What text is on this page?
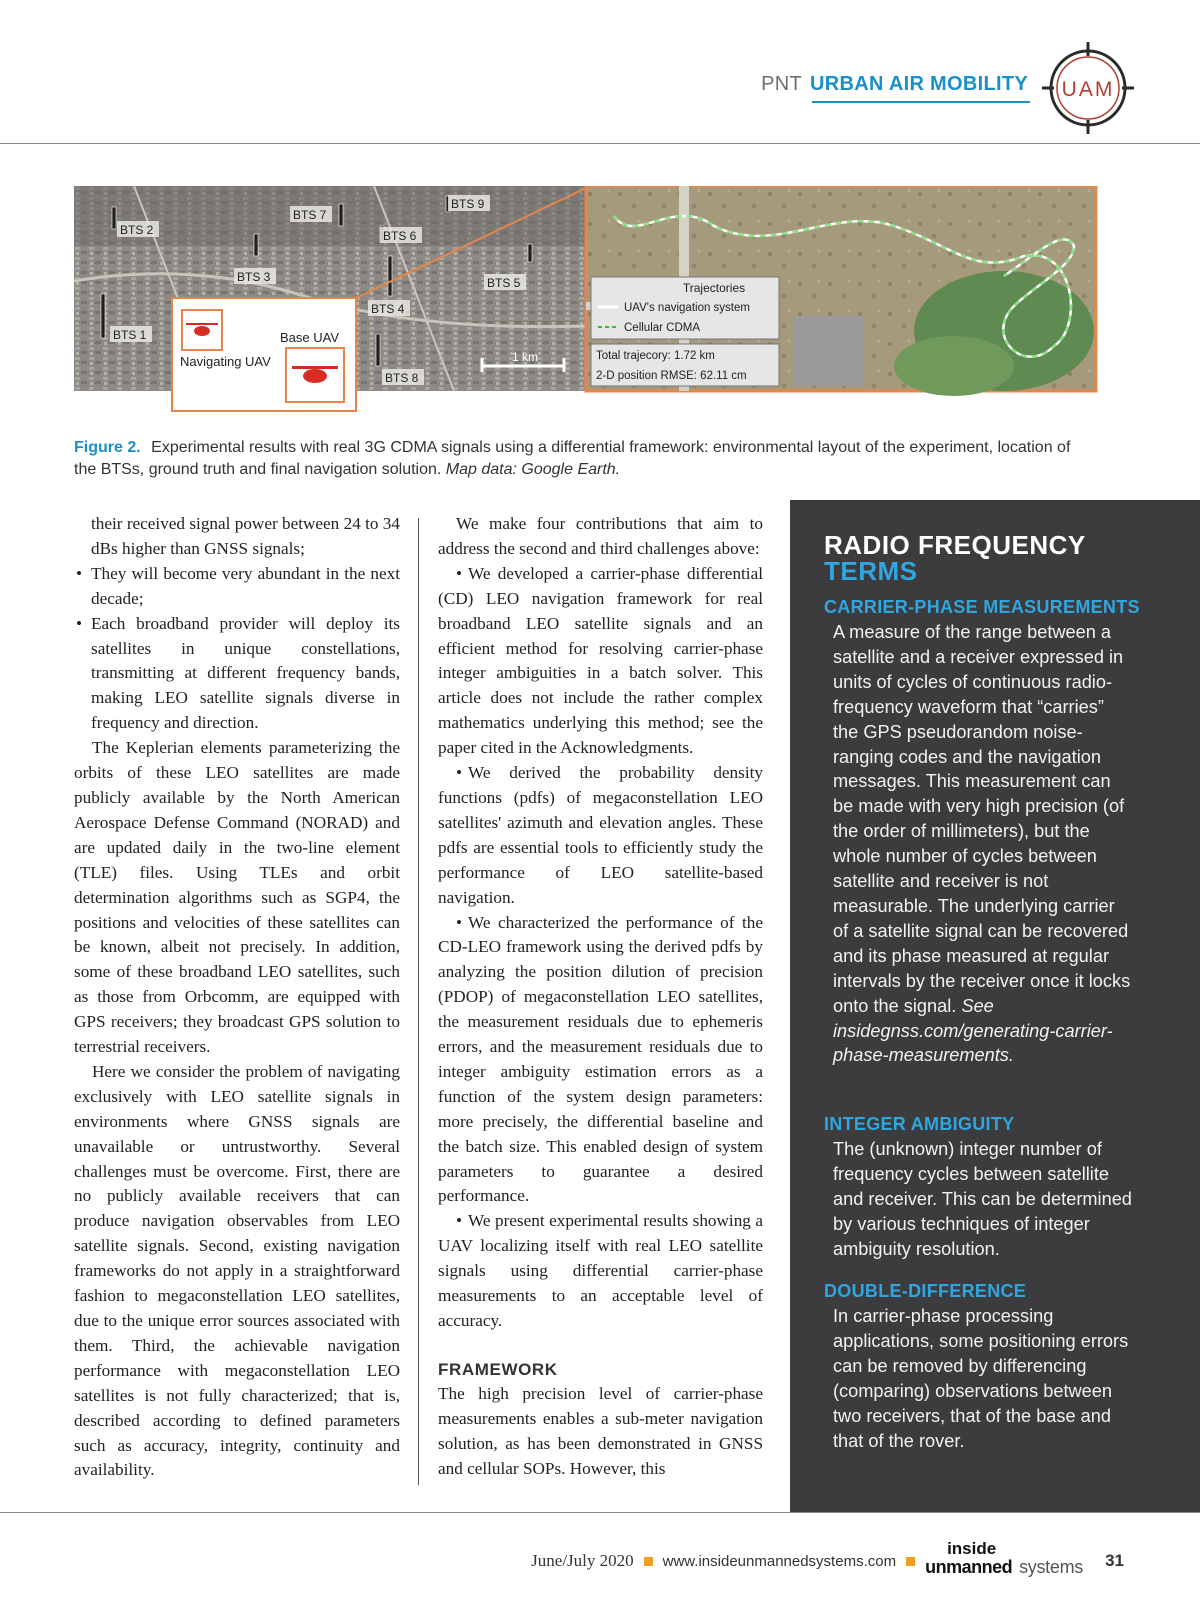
PNT URBAN AIR MOBILITY UAM
BTS 2
BTS 7
BTS 9
BTS 6
BTS 3	BTS 5
BTS 4
BTS 1
BTS 8
1 km
Navigating UAV
Base UAV
Trajectories
UAV's navigation system
Cellular CDMA
Total trajecory: 1.72 km
2-D position RMSE: 62.11 cm
Figure 2. Experimental results with real 3G CDMA signals using a differential framework: environmental layout of the experiment, location of the BTSs, ground truth and final navigation solution. Map data: Google Earth.

their received signal power between 24 to 34 dBs higher than GNSS signals;

• They will become very abundant in the next decade;
• Each broadband provider will deploy its satellites in unique constellations, transmitting at different frequency bands, making LEO satellite signals diverse in frequency and direction.

The Keplerian elements parameterizing the orbits of these LEO satellites are made publicly available by the North American Aerospace Defense Command (NORAD) and are updated daily in the two-line element (TLE) files. Using TLEs and orbit determination algorithms such as SGP4, the positions and velocities of these satellites can be known, albeit not precisely. In addition, some of these broadband LEO satellites, such as those from Orbcomm, are equipped with GPS receivers; they broadcast GPS solution to terrestrial receivers.

Here we consider the problem of navigating exclusively with LEO satellite signals in environments where GNSS signals are unavailable or untrustworthy. Several challenges must be overcome. First, there are no publicly available receivers that can produce navigation observables from LEO satellite signals. Second, existing navigation frameworks do not apply in a straightforward fashion to megaconstellation LEO satellites, due to the unique error sources associated with them. Third, the achievable navigation performance with megaconstellation LEO satellites is not fully characterized; that is, described according to defined parameters such as accuracy, integrity, continuity and availability.

We make four contributions that aim to address the second and third challenges above:

• We developed a carrier-phase differential (CD) LEO navigation framework for real broadband LEO satellite signals and an efficient method for resolving carrier-phase integer ambiguities in a batch solver. This article does not include the rather complex mathematics underlying this method; see the paper cited in the Acknowledgments.

• We derived the probability density functions (pdfs) of megaconstellation LEO satellites' azimuth and elevation angles. These pdfs are essential tools to efficiently study the performance of LEO satellite-based navigation.

• We characterized the performance of the CD-LEO framework using the derived pdfs by analyzing the position dilution of precision (PDOP) of megaconstellation LEO satellites, the measurement residuals due to ephemeris errors, and the measurement residuals due to integer ambiguity estimation errors as a function of the system design parameters: more precisely, the differential baseline and the batch size. This enabled design of system parameters to guarantee a desired performance.

• We present experimental results showing a UAV localizing itself with real LEO satellite signals using differential carrier-phase measurements to an acceptable level of accuracy.

FRAMEWORK

The high precision level of carrier-phase measurements enables a sub-meter navigation solution, as has been demonstrated in GNSS and cellular SOPs. However, this

RADIO FREQUENCY
TERMS
CARRIER-PHASE MEASUREMENTS
A measure of the range between a satellite and a receiver expressed in units of cycles of continuous radio-frequency waveform that “carries” the GPS pseudorandom noise-ranging codes and the navigation messages. This measurement can be made with very high precision (of the order of millimeters), but the whole number of cycles between satellite and receiver is not measurable. The underlying carrier of a satellite signal can be recovered and its phase measured at regular intervals by the receiver once it locks onto the signal. See insidegnss.com/generating-carrier-phase-measurements.
INTEGER AMBIGUITY
The (unknown) integer number of frequency cycles between satellite and receiver. This can be determined by various techniques of integer ambiguity resolution.
DOUBLE-DIFFERENCE
In carrier-phase processing applications, some positioning errors can be removed by differencing (comparing) observations between two receivers, that of the base and that of the rover.
June/July 2020 www.insideunmannedsystems.com
inside
unmanned systems 31
